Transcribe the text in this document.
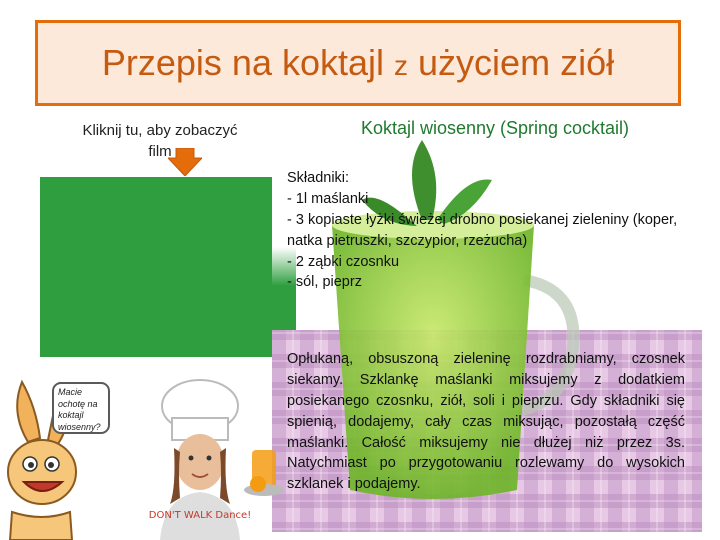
Przepis na koktajl z użyciem ziół
Kliknij tu, aby zobaczyć
film
Koktajl wiosenny (Spring cocktail)
Składniki:
- 1l maślanki
- 3 kopiaste łyżki świeżej drobno posiekanej zieleniny (koper, natka pietruszki, szczypior, rzeżucha)
- 2 ząbki czosnku
- sól, pieprz
Opłukaną, obsuszoną zieleninę rozdrabniamy, czosnek siekamy. Szklankę maślanki miksujemy z dodatkiem posiekanego czosnku, ziół, soli i pieprzu. Gdy składniki się spienią, dodajemy, cały czas miksując, pozostałą część maślanki. Całość miksujemy nie dłużej niż przez 3s. Natychmiast po przygotowaniu rozlewamy do wysokich szklanek i podajemy.
Macie ochotę na koktajl wiosenny?
DON'T WALK Dance!
